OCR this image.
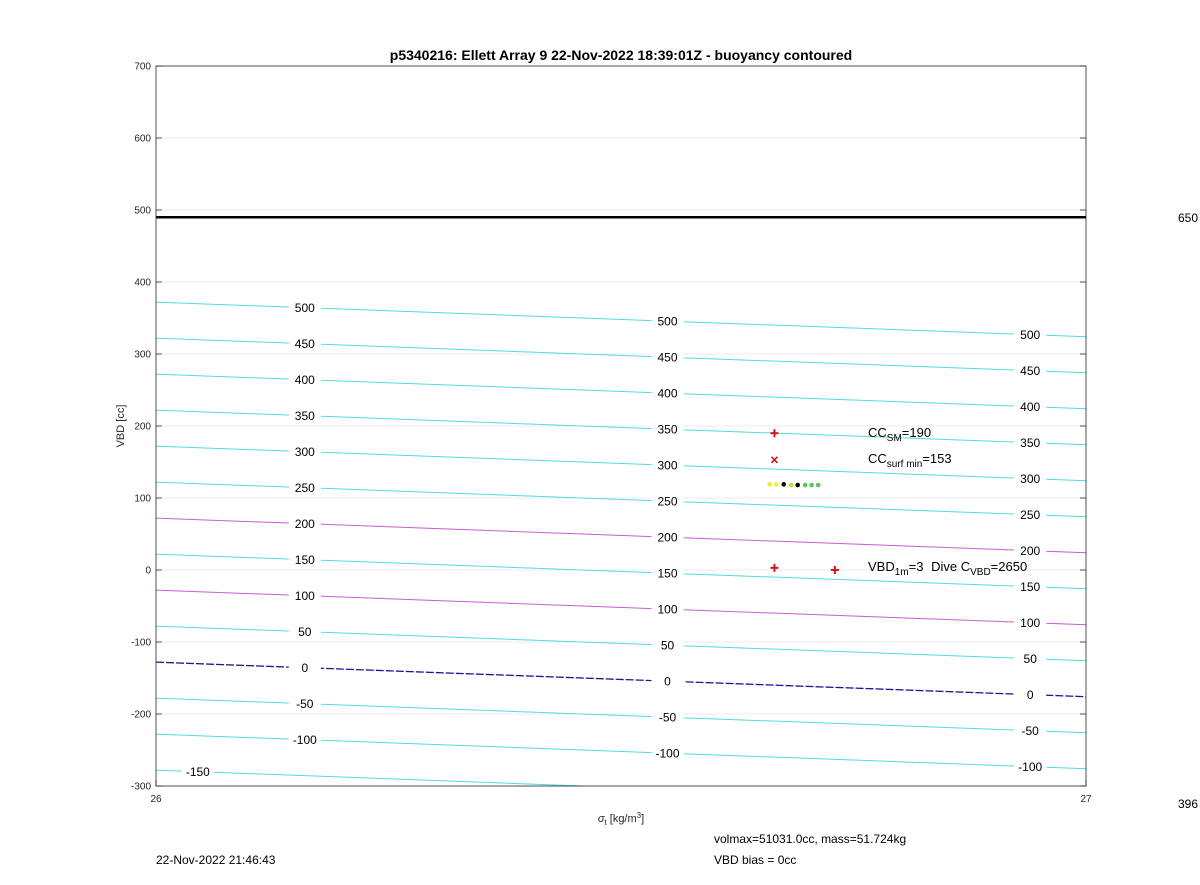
-150
-100
-100
-100
-50
-50
-50
0
0
0
50
50
50
100
100
100
150
150
150
200
200
200
250
250
250
300
300
300
350
350
350
400
400
400
450
450
450
500
500
500
700
600
500
400
300
200
100
0
-100
-200
-300
26	27
p5340216: Ellett Array 9 22-Nov-2022 18:39:01Z - buoyancy contoured
VBD [cc]
$\sigma_t$ $[kg/m^3]$
$CC_{SM}=190$
$CC_{surf min}=153$
$VBD_{1m}=3$ Dive $C_{VBD}=2650$
650
396
22-Nov-2022 21:46:43
volmax=51031.0cc, mass=51.724kg
VBD bias = 0cc
